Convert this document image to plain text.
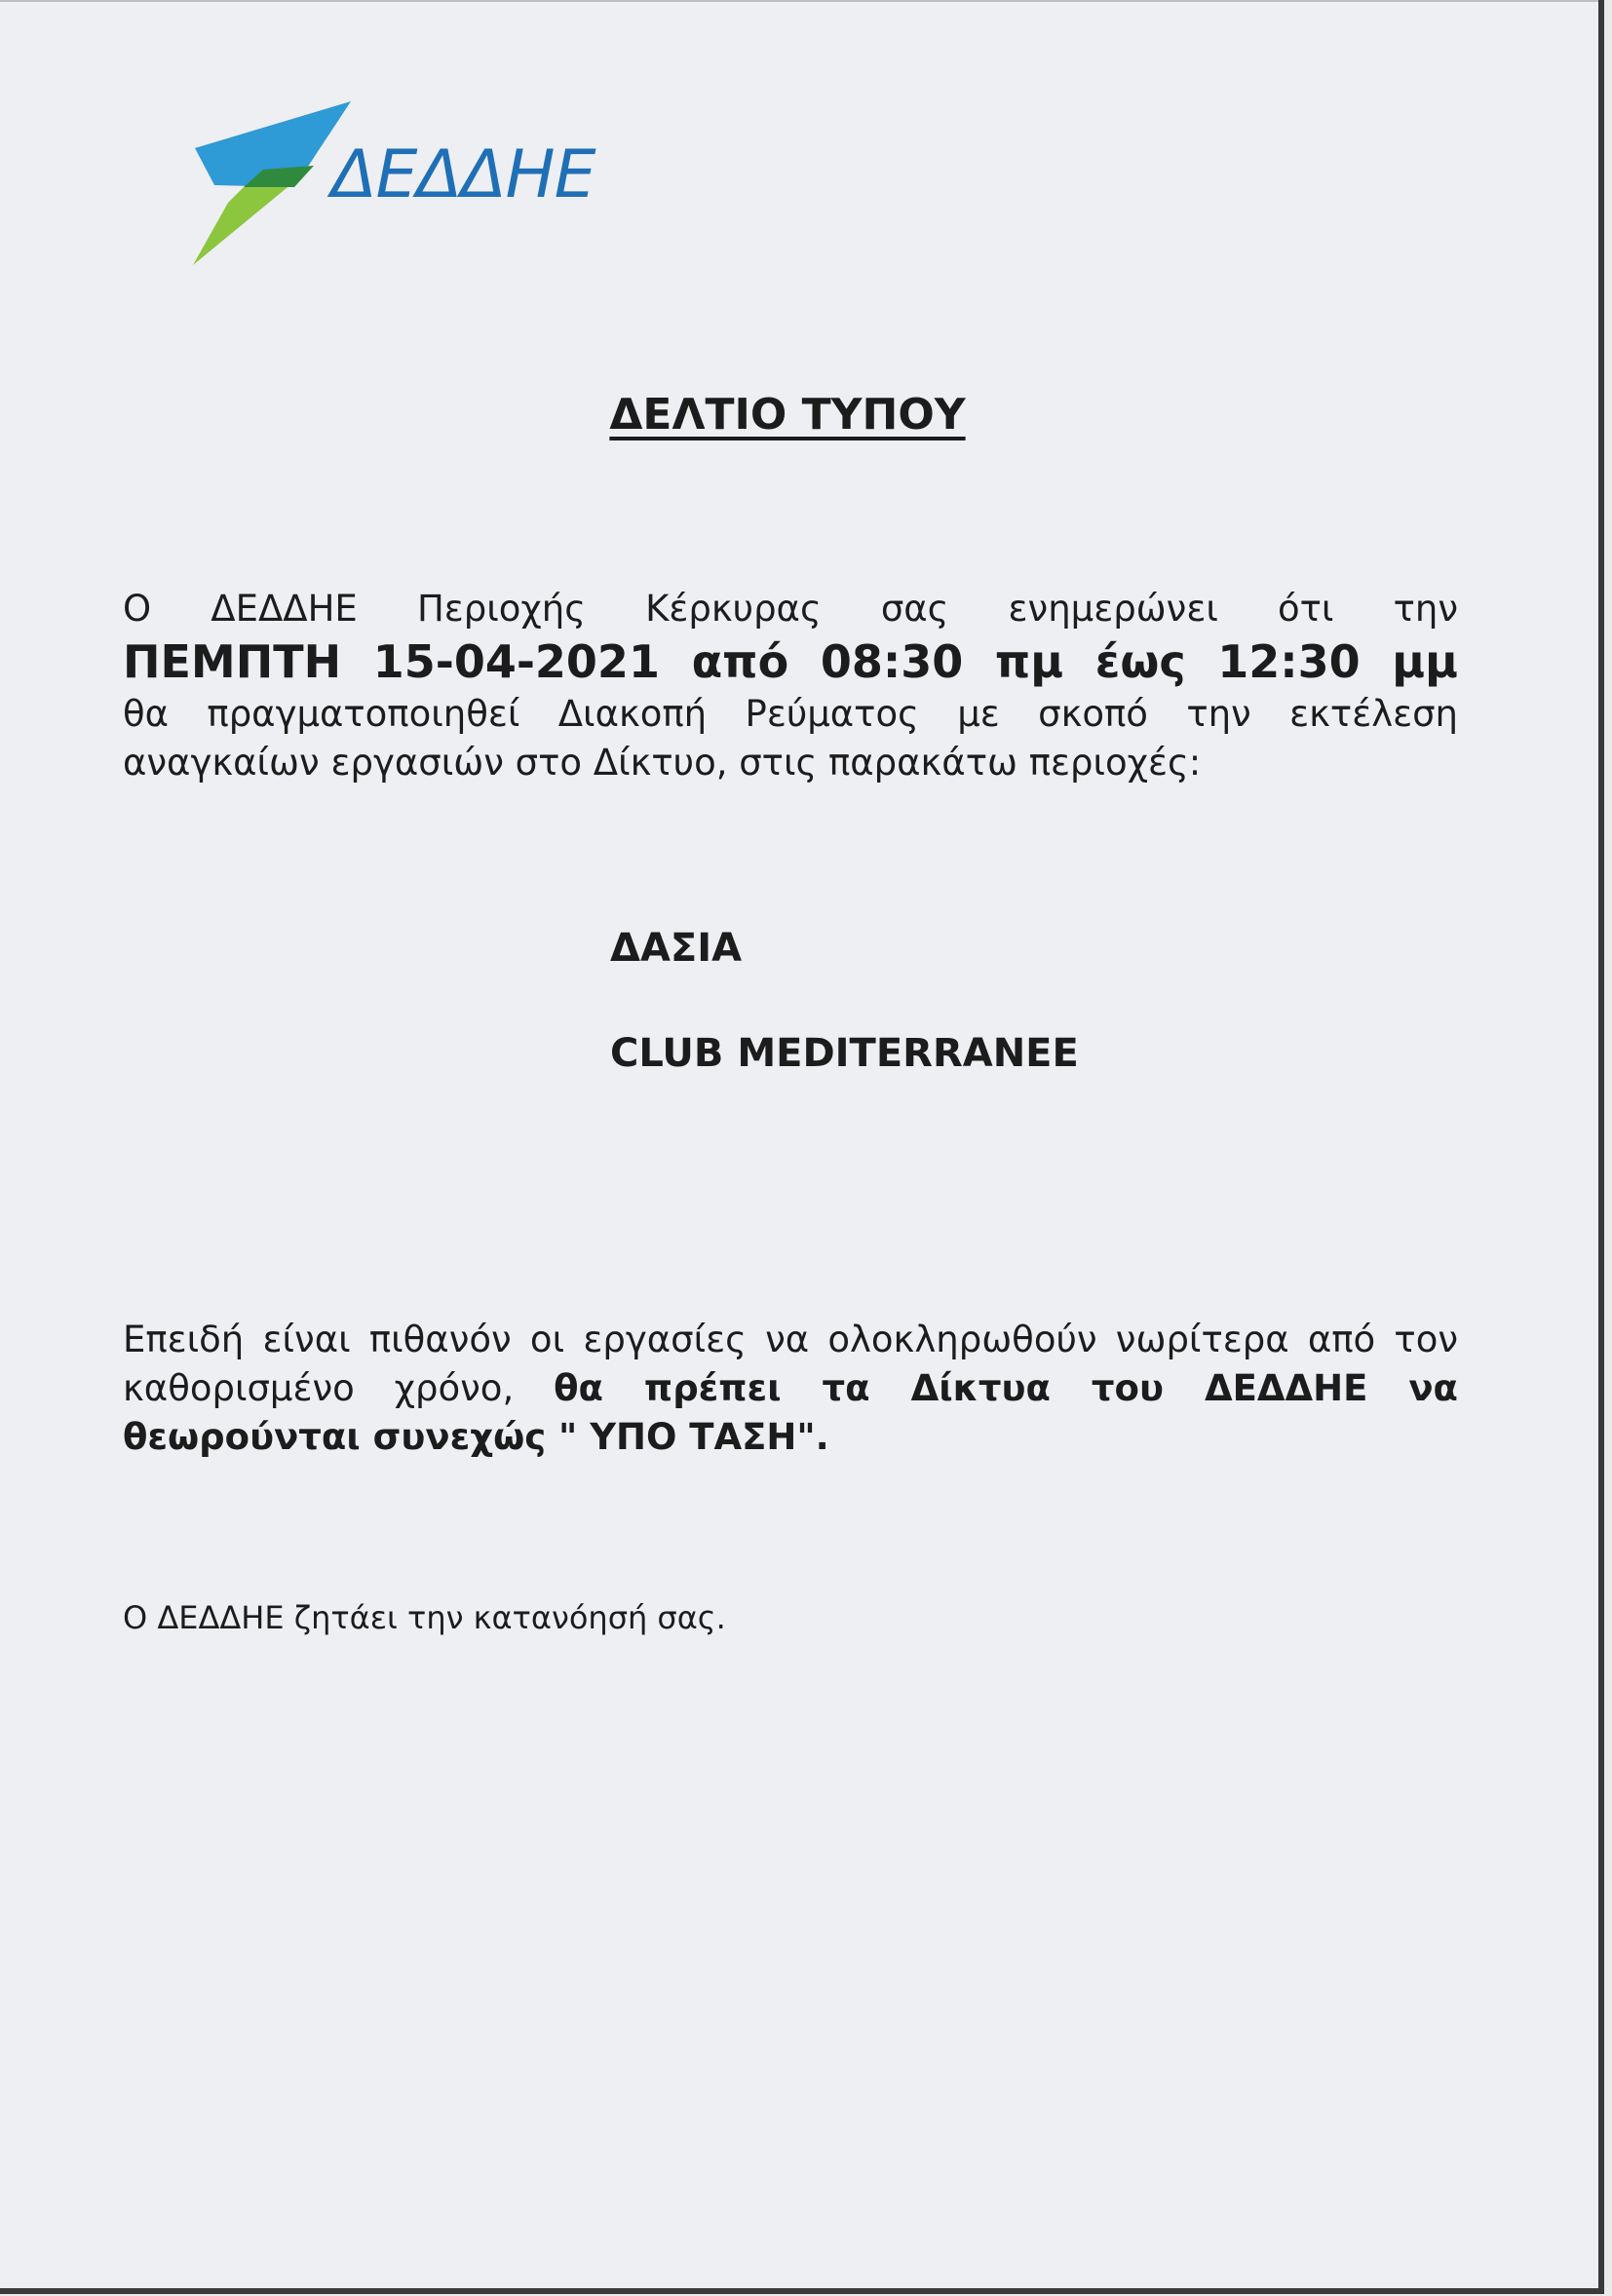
ΔΕΔΔΗΕ
ΔΕΛΤΙΟ ΤΥΠΟΥ
Ο ΔΕΔΔΗΕ Περιοχής Κέρκυρας σας ενημερώνει ότι την
ΠΕΜΠΤΗ 15-04-2021 από 08:30 πμ έως 12:30 μμ
θα πραγματοποιηθεί Διακοπή Ρεύματος με σκοπό την εκτέλεση
αναγκαίων εργασιών στο Δίκτυο, στις παρακάτω περιοχές:
ΔΑΣΙΑ
CLUB MEDITERRANEE
Επειδή είναι πιθανόν οι εργασίες να ολοκληρωθούν νωρίτερα από τον
καθορισμένο χρόνο, θα πρέπει τα Δίκτυα του ΔΕΔΔΗΕ να
θεωρούνται συνεχώς " ΥΠΟ ΤΑΣΗ".
Ο ΔΕΔΔΗΕ ζητάει την κατανόησή σας.
